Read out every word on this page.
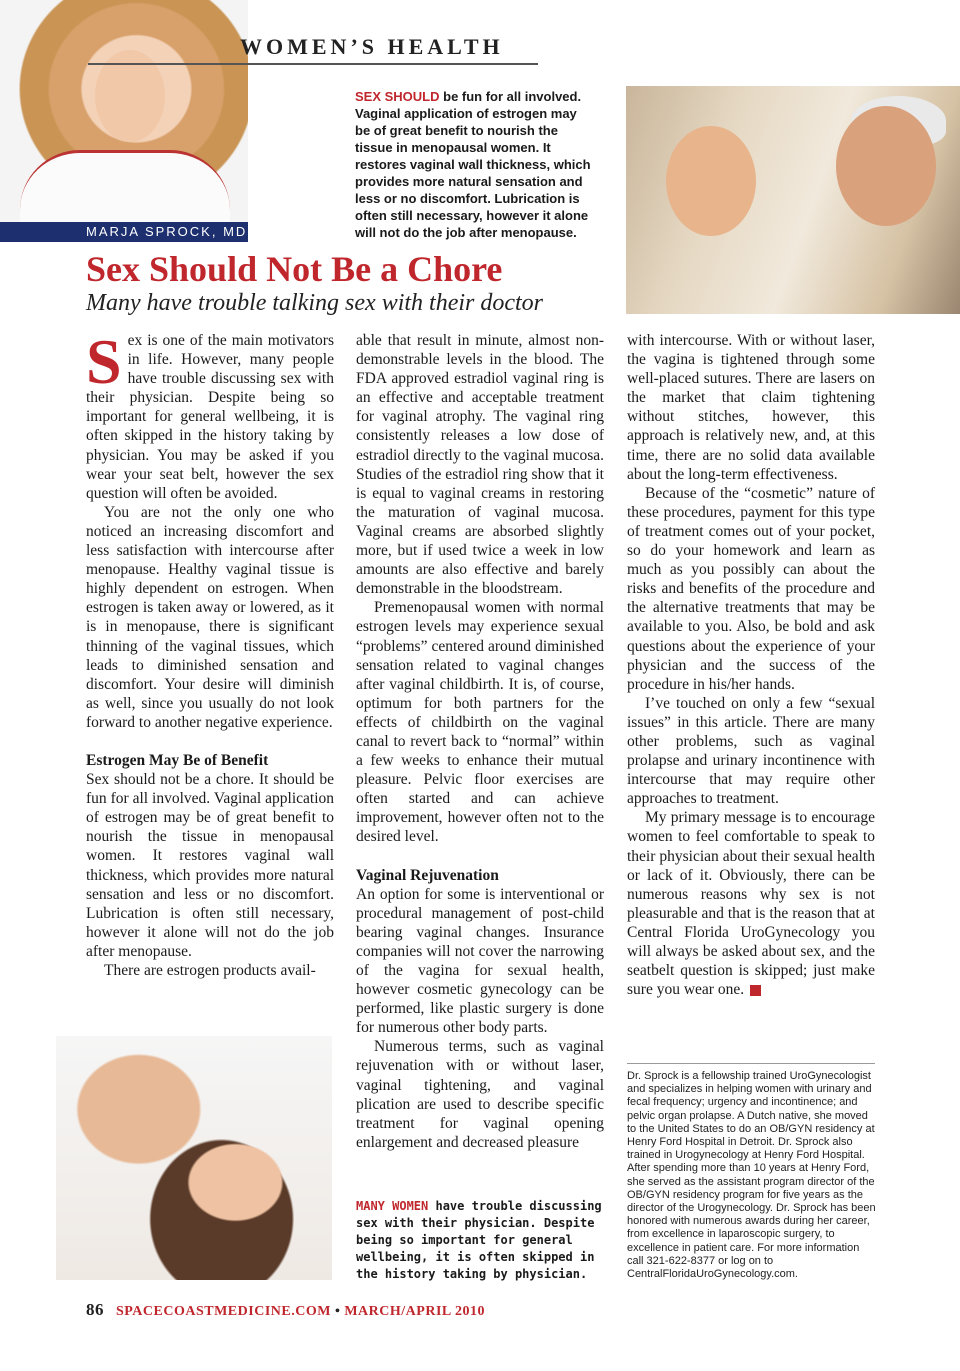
MARJA SPROCK, MD
WOMEN’S HEALTH
SEX SHOULD be fun for all involved. Vaginal application of estrogen may be of great benefit to nourish the tissue in menopausal women. It restores vaginal wall thickness, which provides more natural sensation and less or no discomfort. Lubrication is often still necessary, however it alone will not do the job after menopause.
Sex Should Not Be a Chore
Many have trouble talking sex with their doctor

Sex is one of the main motivators in life. However, many people have trouble discussing sex with their physician. Despite being so important for general wellbeing, it is often skipped in the history taking by physician. You may be asked if you wear your seat belt, however the sex question will often be avoided.

You are not the only one who noticed an increasing discomfort and less satisfaction with intercourse after menopause. Healthy vaginal tissue is highly dependent on estrogen. When estrogen is taken away or lowered, as it is in menopause, there is significant thinning of the vaginal tissues, which leads to diminished sensation and discomfort. Your desire will diminish as well, since you usually do not look forward to another negative experience.

Estrogen May Be of Benefit

Sex should not be a chore. It should be fun for all involved. Vaginal application of estrogen may be of great benefit to nourish the tissue in menopausal women. It restores vaginal wall thickness, which provides more natural sensation and less or no discomfort. Lubrication is often still necessary, however it alone will not do the job after menopause.

There are estrogen products avail-

able that result in minute, almost non-demonstrable levels in the blood. The FDA approved estradiol vaginal ring is an effective and acceptable treatment for vaginal atrophy. The vaginal ring consistently releases a low dose of estradiol directly to the vaginal mucosa. Studies of the estradiol ring show that it is equal to vaginal creams in restoring the maturation of vaginal mucosa. Vaginal creams are absorbed slightly more, but if used twice a week in low amounts are also effective and barely demonstrable in the bloodstream.

Premenopausal women with normal estrogen levels may experience sexual “problems” centered around diminished sensation related to vaginal changes after vaginal childbirth. It is, of course, optimum for both partners for the effects of childbirth on the vaginal canal to revert back to “normal” within a few weeks to enhance their mutual pleasure. Pelvic floor exercises are often started and can achieve improvement, however often not to the desired level.

Vaginal Rejuvenation

An option for some is interventional or procedural management of post-child bearing vaginal changes. Insurance companies will not cover the narrowing of the vagina for sexual health, however cosmetic gynecology can be performed, like plastic surgery is done for numerous other body parts.

Numerous terms, such as vaginal rejuvenation with or without laser, vaginal tightening, and vaginal plication are used to describe specific treatment for vaginal opening enlargement and decreased pleasure

MANY WOMEN have trouble discussing sex with their physician. Despite being so important for general wellbeing, it is often skipped in the history taking by physician.

with intercourse. With or without laser, the vagina is tightened through some well-placed sutures. There are lasers on the market that claim tightening without stitches, however, this approach is relatively new, and, at this time, there are no solid data available about the long-term effectiveness.

Because of the “cosmetic” nature of these procedures, payment for this type of treatment comes out of your pocket, so do your homework and learn as much as you possibly can about the risks and benefits of the procedure and the alternative treatments that may be available to you. Also, be bold and ask questions about the experience of your physician and the success of the procedure in his/her hands.

I’ve touched on only a few “sexual issues” in this article. There are many other problems, such as vaginal prolapse and urinary incontinence with intercourse that may require other approaches to treatment.

My primary message is to encourage women to feel comfortable to speak to their physician about their sexual health or lack of it. Obviously, there can be numerous reasons why sex is not pleasurable and that is the reason that at Central Florida UroGynecology you will always be asked about sex, and the seatbelt question is skipped; just make sure you wear one.

Dr. Sprock is a fellowship trained UroGynecologist and specializes in helping women with urinary and fecal frequency; urgency and incontinence; and pelvic organ prolapse. A Dutch native, she moved to the United States to do an OB/GYN residency at Henry Ford Hospital in Detroit. Dr. Sprock also trained in Urogynecology at Henry Ford Hospital. After spending more than 10 years at Henry Ford, she served as the assistant program director of the OB/GYN residency program for five years as the director of the Urogynecology. Dr. Sprock has been honored with numerous awards during her career, from excellence in laparoscopic surgery, to excellence in patient care. For more information call 321-622-8377 or log on to CentralFloridaUroGynecology.com.
86 SPACECOASTMEDICINE.COM • MARCH/APRIL 2010
